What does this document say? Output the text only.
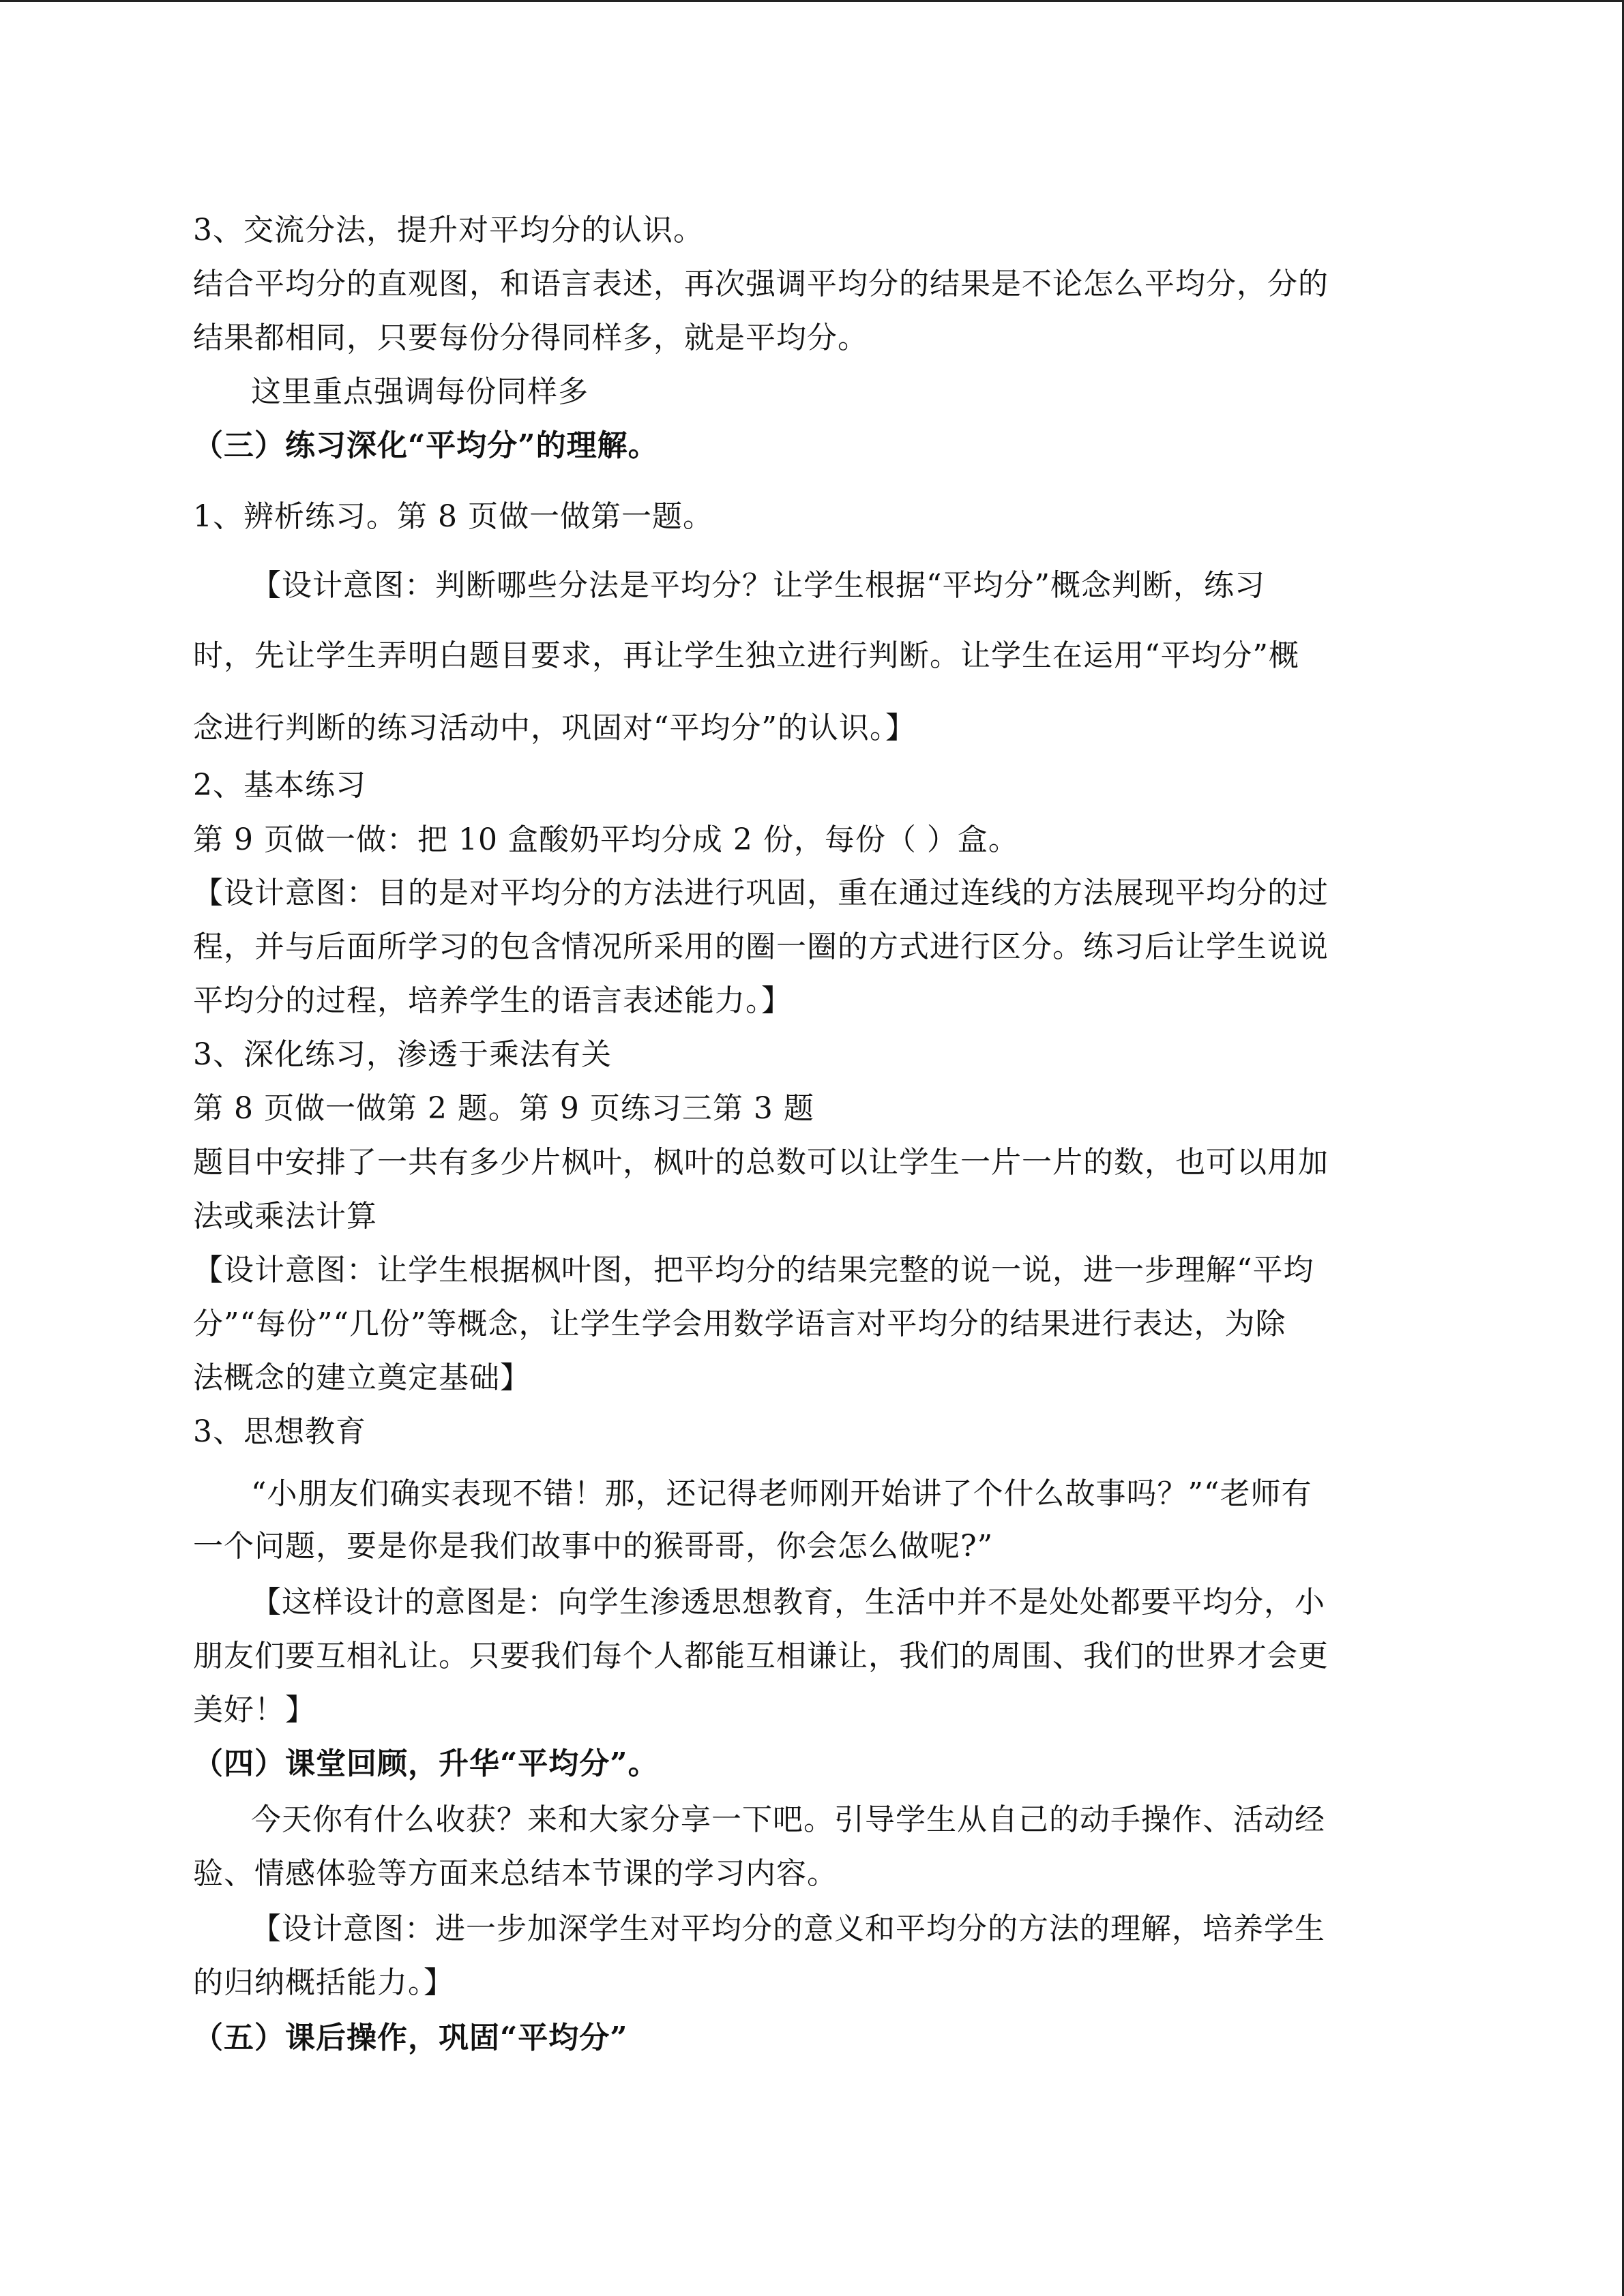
3、交流分法，提升对平均分的认识。
结合平均分的直观图，和语言表述，再次强调平均分的结果是不论怎么平均分，分的
结果都相同，只要每份分得同样多，就是平均分。
这里重点强调每份同样多
（三）练习深化“平均分”的理解。
1、辨析练习。第 8 页做一做第一题。
【设计意图：判断哪些分法是平均分？让学生根据“平均分”概念判断，练习
时，先让学生弄明白题目要求，再让学生独立进行判断。让学生在运用“平均分”概
念进行判断的练习活动中，巩固对“平均分”的认识。】
2、基本练习
第 9 页做一做：把 10 盒酸奶平均分成 2 份，每份（ ）盒。
【设计意图：目的是对平均分的方法进行巩固，重在通过连线的方法展现平均分的过
程，并与后面所学习的包含情况所采用的圈一圈的方式进行区分。练习后让学生说说
平均分的过程，培养学生的语言表述能力。】
3、深化练习，渗透于乘法有关
第 8 页做一做第 2 题。第 9 页练习三第 3 题
题目中安排了一共有多少片枫叶，枫叶的总数可以让学生一片一片的数，也可以用加
法或乘法计算
【设计意图：让学生根据枫叶图，把平均分的结果完整的说一说，进一步理解“平均
分”“每份”“几份”等概念，让学生学会用数学语言对平均分的结果进行表达，为除
法概念的建立奠定基础】
3、思想教育
“小朋友们确实表现不错！那，还记得老师刚开始讲了个什么故事吗？”“老师有
一个问题，要是你是我们故事中的猴哥哥，你会怎么做呢?”
【这样设计的意图是：向学生渗透思想教育，生活中并不是处处都要平均分，小
朋友们要互相礼让。只要我们每个人都能互相谦让，我们的周围、我们的世界才会更
美好！】
（四）课堂回顾，升华“平均分”。
今天你有什么收获？来和大家分享一下吧。引导学生从自己的动手操作、活动经
验、情感体验等方面来总结本节课的学习内容。
【设计意图：进一步加深学生对平均分的意义和平均分的方法的理解，培养学生
的归纳概括能力。】
（五）课后操作，巩固“平均分”
